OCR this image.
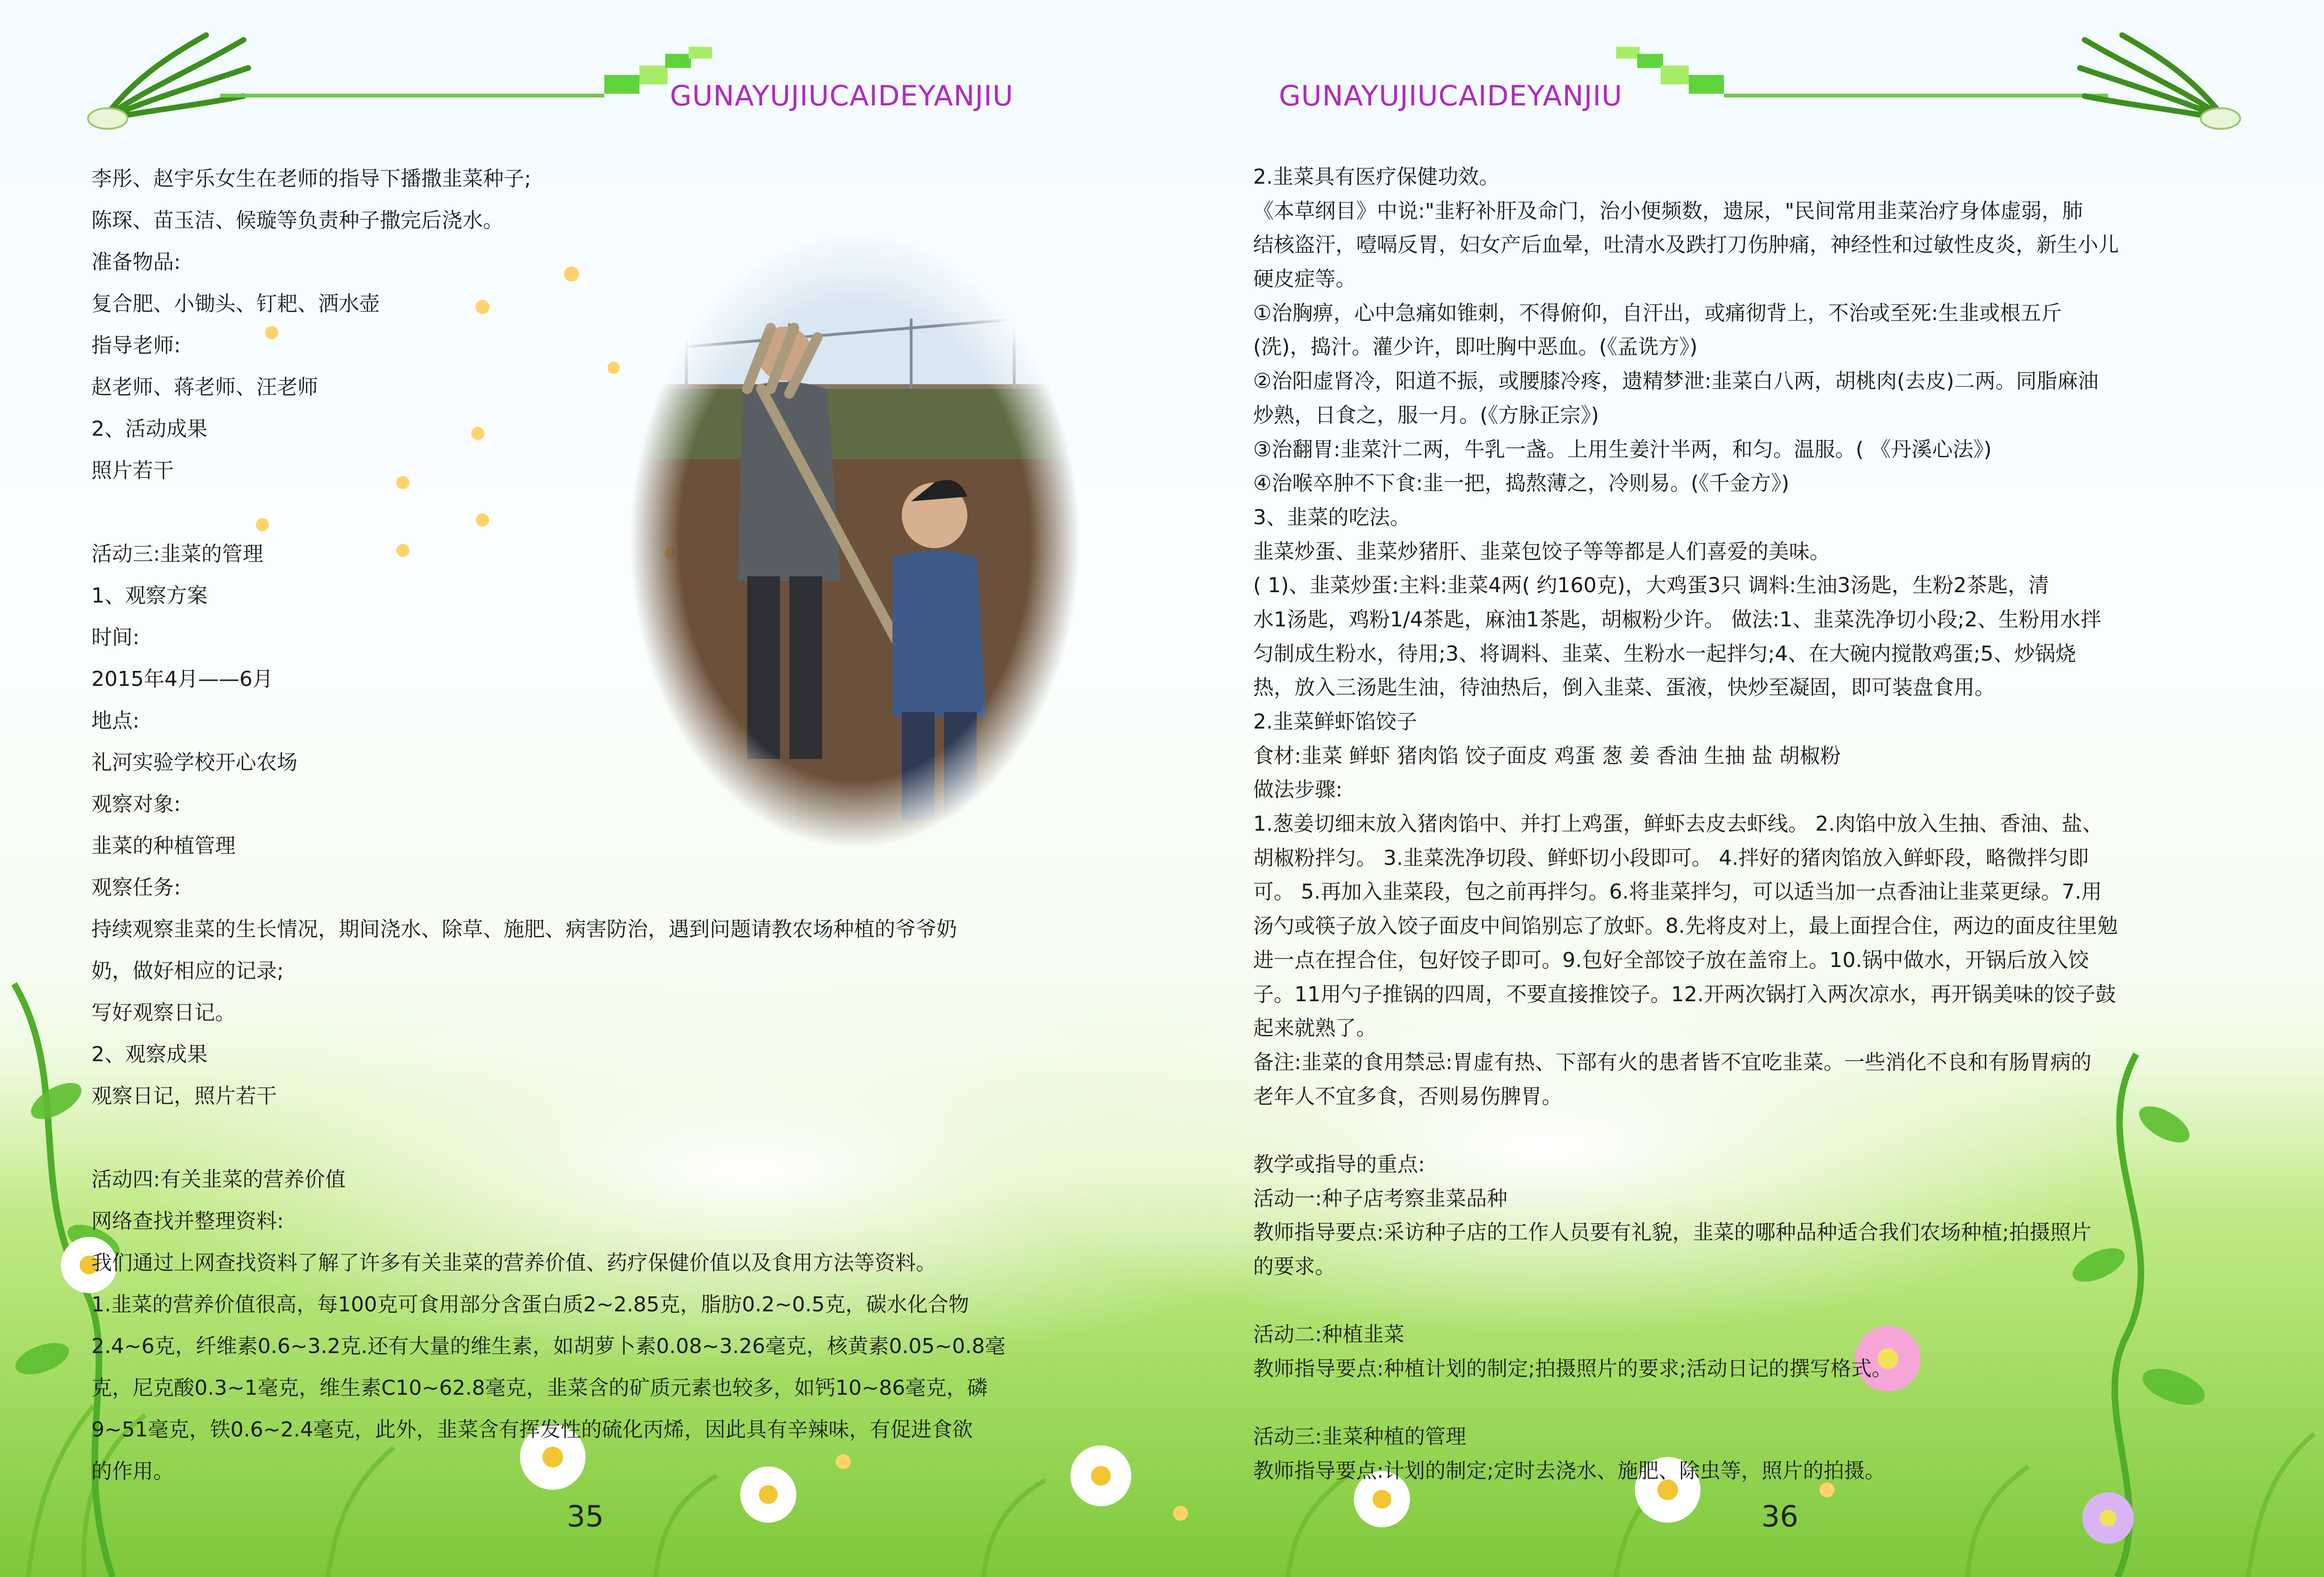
GUNAYUJIUCAIDEYANJIU
李彤、赵宇乐女生在老师的指导下播撒韭菜种子;
陈琛、苗玉洁、候璇等负责种子撒完后浇水。
准备物品:
复合肥、小锄头、钉耙、洒水壶
指导老师:
赵老师、蒋老师、汪老师
2、活动成果
照片若干
活动三:韭菜的管理
1、观察方案
时间:
2015年4月——6月
地点:
礼河实验学校开心农场
观察对象:
韭菜的种植管理
观察任务:
持续观察韭菜的生长情况，期间浇水、除草、施肥、病害防治，遇到问题请教农场种植的爷爷奶
奶，做好相应的记录;
写好观察日记。
2、观察成果
观察日记，照片若干
活动四:有关韭菜的营养价值
网络查找并整理资料:
我们通过上网查找资料了解了许多有关韭菜的营养价值、药疗保健价值以及食用方法等资料。
1.韭菜的营养价值很高，每100克可食用部分含蛋白质2~2.85克，脂肪0.2~0.5克，碳水化合物
2.4~6克，纤维素0.6~3.2克.还有大量的维生素，如胡萝卜素0.08~3.26毫克，核黄素0.05~0.8毫
克，尼克酸0.3~1毫克，维生素C10~62.8毫克，韭菜含的矿质元素也较多，如钙10~86毫克，磷
9~51毫克，铁0.6~2.4毫克，此外，韭菜含有挥发性的硫化丙烯，因此具有辛辣味，有促进食欲
的作用。
35
GUNAYUJIUCAIDEYANJIU
2.韭菜具有医疗保健功效。
《本草纲目》中说:"韭籽补肝及命门，治小便频数，遗尿，"民间常用韭菜治疗身体虚弱，肺
结核盗汗，噎嗝反胃，妇女产后血晕，吐清水及跌打刀伤肿痛，神经性和过敏性皮炎，新生小儿
硬皮症等。
①治胸痹，心中急痛如锥刺，不得俯仰，自汗出，或痛彻背上，不治或至死:生韭或根五斤
(洗)，捣汁。灌少许，即吐胸中恶血。(《孟诜方》)
②治阳虚肾冷，阳道不振，或腰膝冷疼，遗精梦泄:韭菜白八两，胡桃肉(去皮)二两。同脂麻油
炒熟，日食之，服一月。(《方脉正宗》)
③治翻胃:韭菜汁二两，牛乳一盏。上用生姜汁半两，和匀。温服。( 《丹溪心法》)
④治喉卒肿不下食:韭一把，捣熬薄之，冷则易。(《千金方》)
3、韭菜的吃法。
韭菜炒蛋、韭菜炒猪肝、韭菜包饺子等等都是人们喜爱的美味。
( 1)、韭菜炒蛋:主料:韭菜4两( 约160克)，大鸡蛋3只 调料:生油3汤匙，生粉2茶匙，清
水1汤匙，鸡粉1/4茶匙，麻油1茶匙，胡椒粉少许。 做法:1、韭菜洗净切小段;2、生粉用水拌
匀制成生粉水，待用;3、将调料、韭菜、生粉水一起拌匀;4、在大碗内搅散鸡蛋;5、炒锅烧
热，放入三汤匙生油，待油热后，倒入韭菜、蛋液，快炒至凝固，即可装盘食用。
2.韭菜鲜虾馅饺子
食材:韭菜 鲜虾 猪肉馅 饺子面皮 鸡蛋 葱 姜 香油 生抽 盐 胡椒粉
做法步骤:
1.葱姜切细末放入猪肉馅中、并打上鸡蛋，鲜虾去皮去虾线。 2.肉馅中放入生抽、香油、盐、
胡椒粉拌匀。 3.韭菜洗净切段、鲜虾切小段即可。 4.拌好的猪肉馅放入鲜虾段，略微拌匀即
可。 5.再加入韭菜段，包之前再拌匀。6.将韭菜拌匀，可以适当加一点香油让韭菜更绿。7.用
汤勺或筷子放入饺子面皮中间馅别忘了放虾。8.先将皮对上，最上面捏合住，两边的面皮往里勉
进一点在捏合住，包好饺子即可。9.包好全部饺子放在盖帘上。10.锅中做水，开锅后放入饺
子。11用勺子推锅的四周，不要直接推饺子。12.开两次锅打入两次凉水，再开锅美味的饺子鼓
起来就熟了。
备注:韭菜的食用禁忌:胃虚有热、下部有火的患者皆不宜吃韭菜。一些消化不良和有肠胃病的
老年人不宜多食，否则易伤脾胃。
教学或指导的重点:
活动一:种子店考察韭菜品种
教师指导要点:采访种子店的工作人员要有礼貌，韭菜的哪种品种适合我们农场种植;拍摄照片
的要求。
活动二:种植韭菜
教师指导要点:种植计划的制定;拍摄照片的要求;活动日记的撰写格式。
活动三:韭菜种植的管理
教师指导要点:计划的制定;定时去浇水、施肥、除虫等，照片的拍摄。
36
